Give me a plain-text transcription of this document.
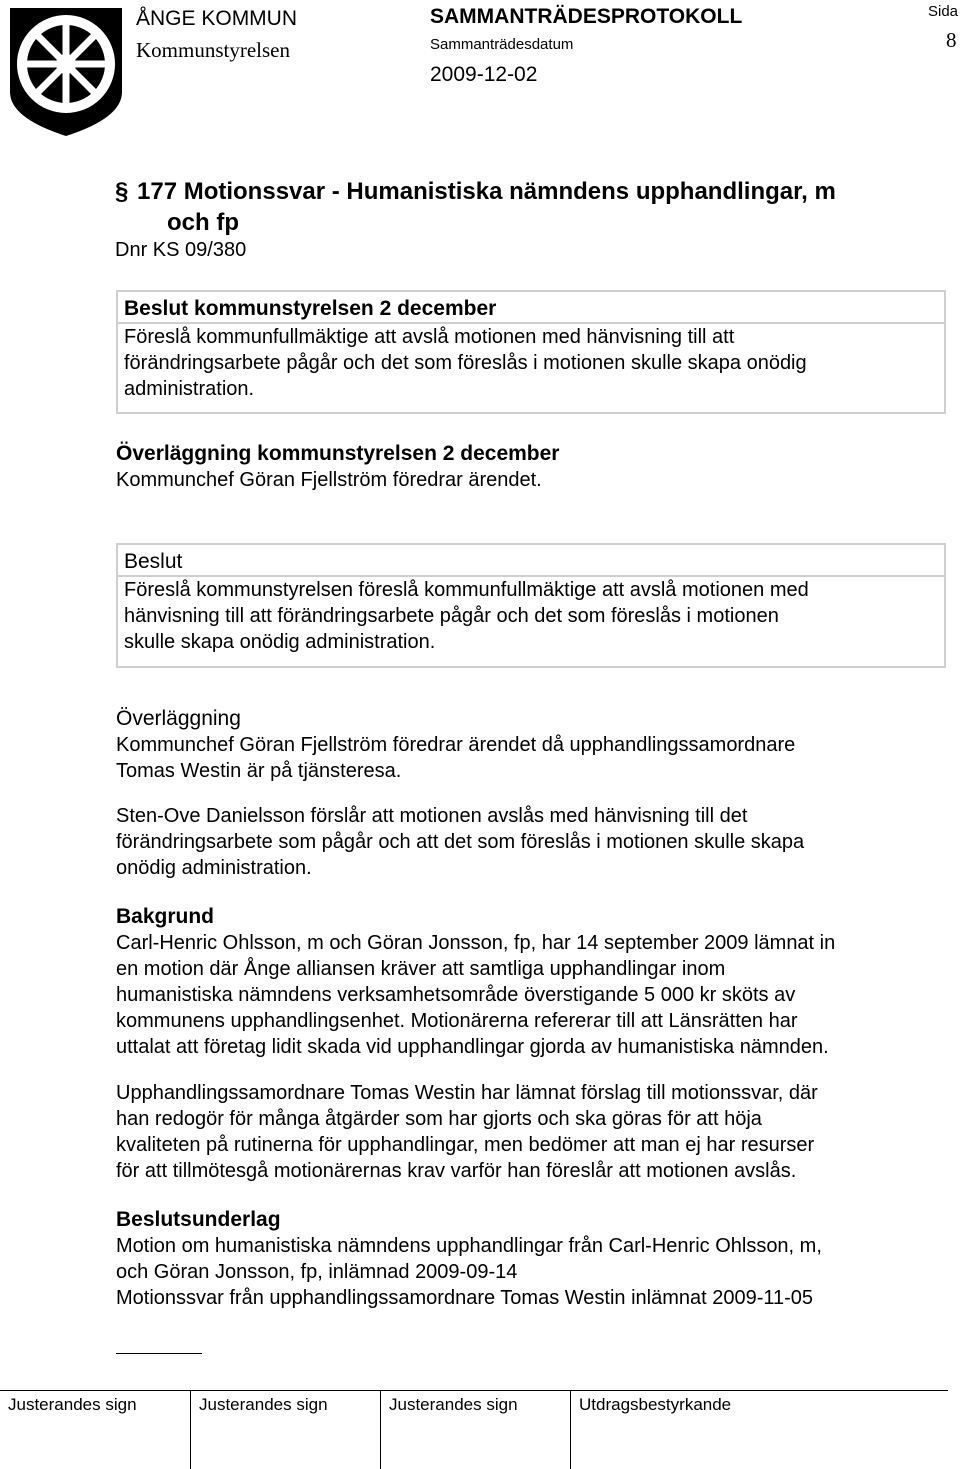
ÅNGE KOMMUN
Kommunstyrelsen
SAMMANTRÄDESPROTOKOLL
Sammanträdesdatum
2009-12-02
Sida
8
§ 177 Motionssvar - Humanistiska nämndens upphandlingar, m
och fp
Dnr KS 09/380
Beslut kommunstyrelsen 2 december
Föreslå kommunfullmäktige att avslå motionen med hänvisning till att
förändringsarbete pågår och det som föreslås i motionen skulle skapa onödig
administration.
Överläggning kommunstyrelsen 2 december
Kommunchef Göran Fjellström föredrar ärendet.
Beslut
Föreslå kommunstyrelsen föreslå kommunfullmäktige att avslå motionen med
hänvisning till att förändringsarbete pågår och det som föreslås i motionen
skulle skapa onödig administration.
Överläggning
Kommunchef Göran Fjellström föredrar ärendet då upphandlingssamordnare
Tomas Westin är på tjänsteresa.
Sten-Ove Danielsson förslår att motionen avslås med hänvisning till det
förändringsarbete som pågår och att det som föreslås i motionen skulle skapa
onödig administration.
Bakgrund
Carl-Henric Ohlsson, m och Göran Jonsson, fp, har 14 september 2009 lämnat in
en motion där Ånge alliansen kräver att samtliga upphandlingar inom
humanistiska nämndens verksamhetsområde överstigande 5 000 kr sköts av
kommunens upphandlingsenhet. Motionärerna refererar till att Länsrätten har
uttalat att företag lidit skada vid upphandlingar gjorda av humanistiska nämnden.
Upphandlingssamordnare Tomas Westin har lämnat förslag till motionssvar, där
han redogör för många åtgärder som har gjorts och ska göras för att höja
kvaliteten på rutinerna för upphandlingar, men bedömer att man ej har resurser
för att tillmötesgå motionärernas krav varför han föreslår att motionen avslås.
Beslutsunderlag
Motion om humanistiska nämndens upphandlingar från Carl-Henric Ohlsson, m,
och Göran Jonsson, fp, inlämnad 2009-09-14
Motionssvar från upphandlingssamordnare Tomas Westin inlämnat 2009-11-05
Justerandes sign	Justerandes sign	Justerandes sign	Utdragsbestyrkande
